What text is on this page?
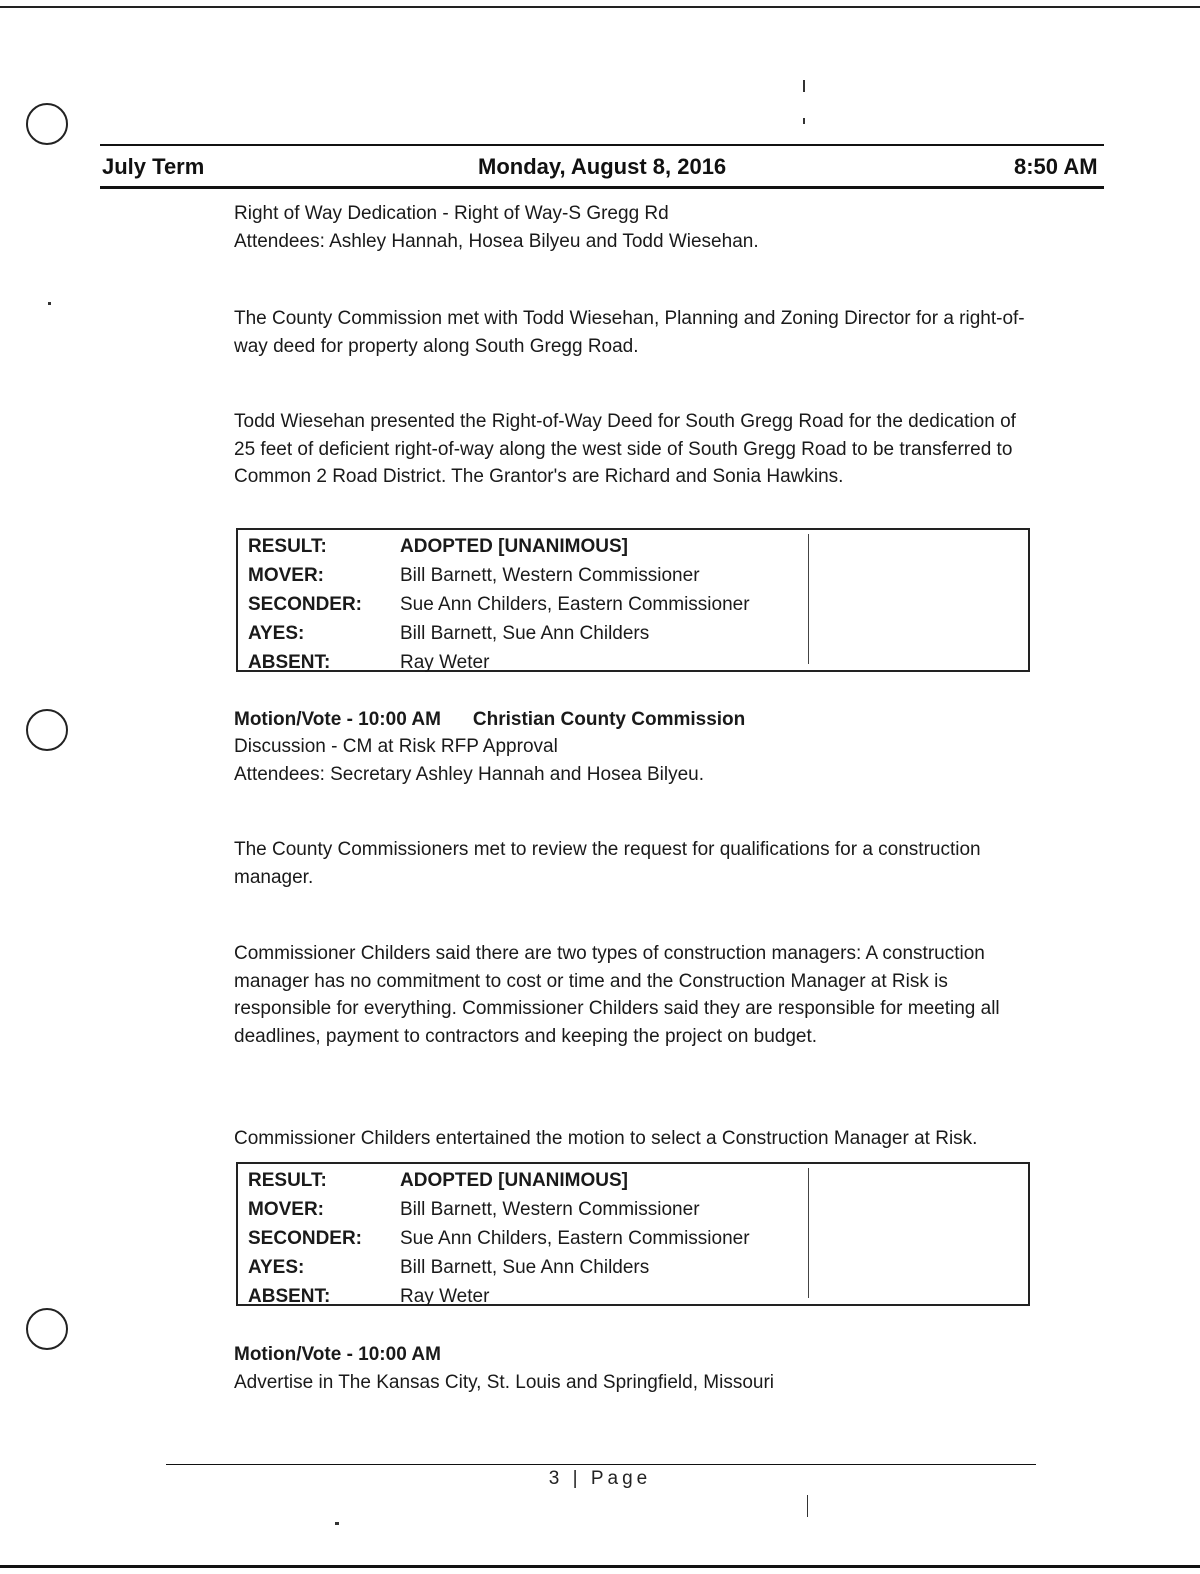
July Term	Monday, August 8, 2016	8:50 AM

Right of Way Dedication - Right of Way-S Gregg Rd

Attendees: Ashley Hannah, Hosea Bilyeu and Todd Wiesehan.

The County Commission met with Todd Wiesehan, Planning and Zoning Director for a right-of-way deed for property along South Gregg Road.

Todd Wiesehan presented the Right-of-Way Deed for South Gregg Road for the dedication of 25 feet of deficient right-of-way along the west side of South Gregg Road to be transferred to Common 2 Road District. The Grantor's are Richard and Sonia Hawkins.

RESULT:	ADOPTED [UNANIMOUS]
MOVER:	Bill Barnett, Western Commissioner
SECONDER: Sue Ann Childers, Eastern Commissioner
AYES:	Bill Barnett, Sue Ann Childers
ABSENT:	Ray Weter

Motion/Vote - 10:00 AM Christian County Commission

Discussion - CM at Risk RFP Approval

Attendees: Secretary Ashley Hannah and Hosea Bilyeu.

The County Commissioners met to review the request for qualifications for a construction manager.

Commissioner Childers said there are two types of construction managers: A construction manager has no commitment to cost or time and the Construction Manager at Risk is responsible for everything. Commissioner Childers said they are responsible for meeting all deadlines, payment to contractors and keeping the project on budget.

Commissioner Childers entertained the motion to select a Construction Manager at Risk.

RESULT:	ADOPTED [UNANIMOUS]
MOVER:	Bill Barnett, Western Commissioner
SECONDER: Sue Ann Childers, Eastern Commissioner
AYES:	Bill Barnett, Sue Ann Childers
ABSENT:	Ray Weter

Motion/Vote - 10:00 AM

Advertise in The Kansas City, St. Louis and Springfield, Missouri

3 | Page
